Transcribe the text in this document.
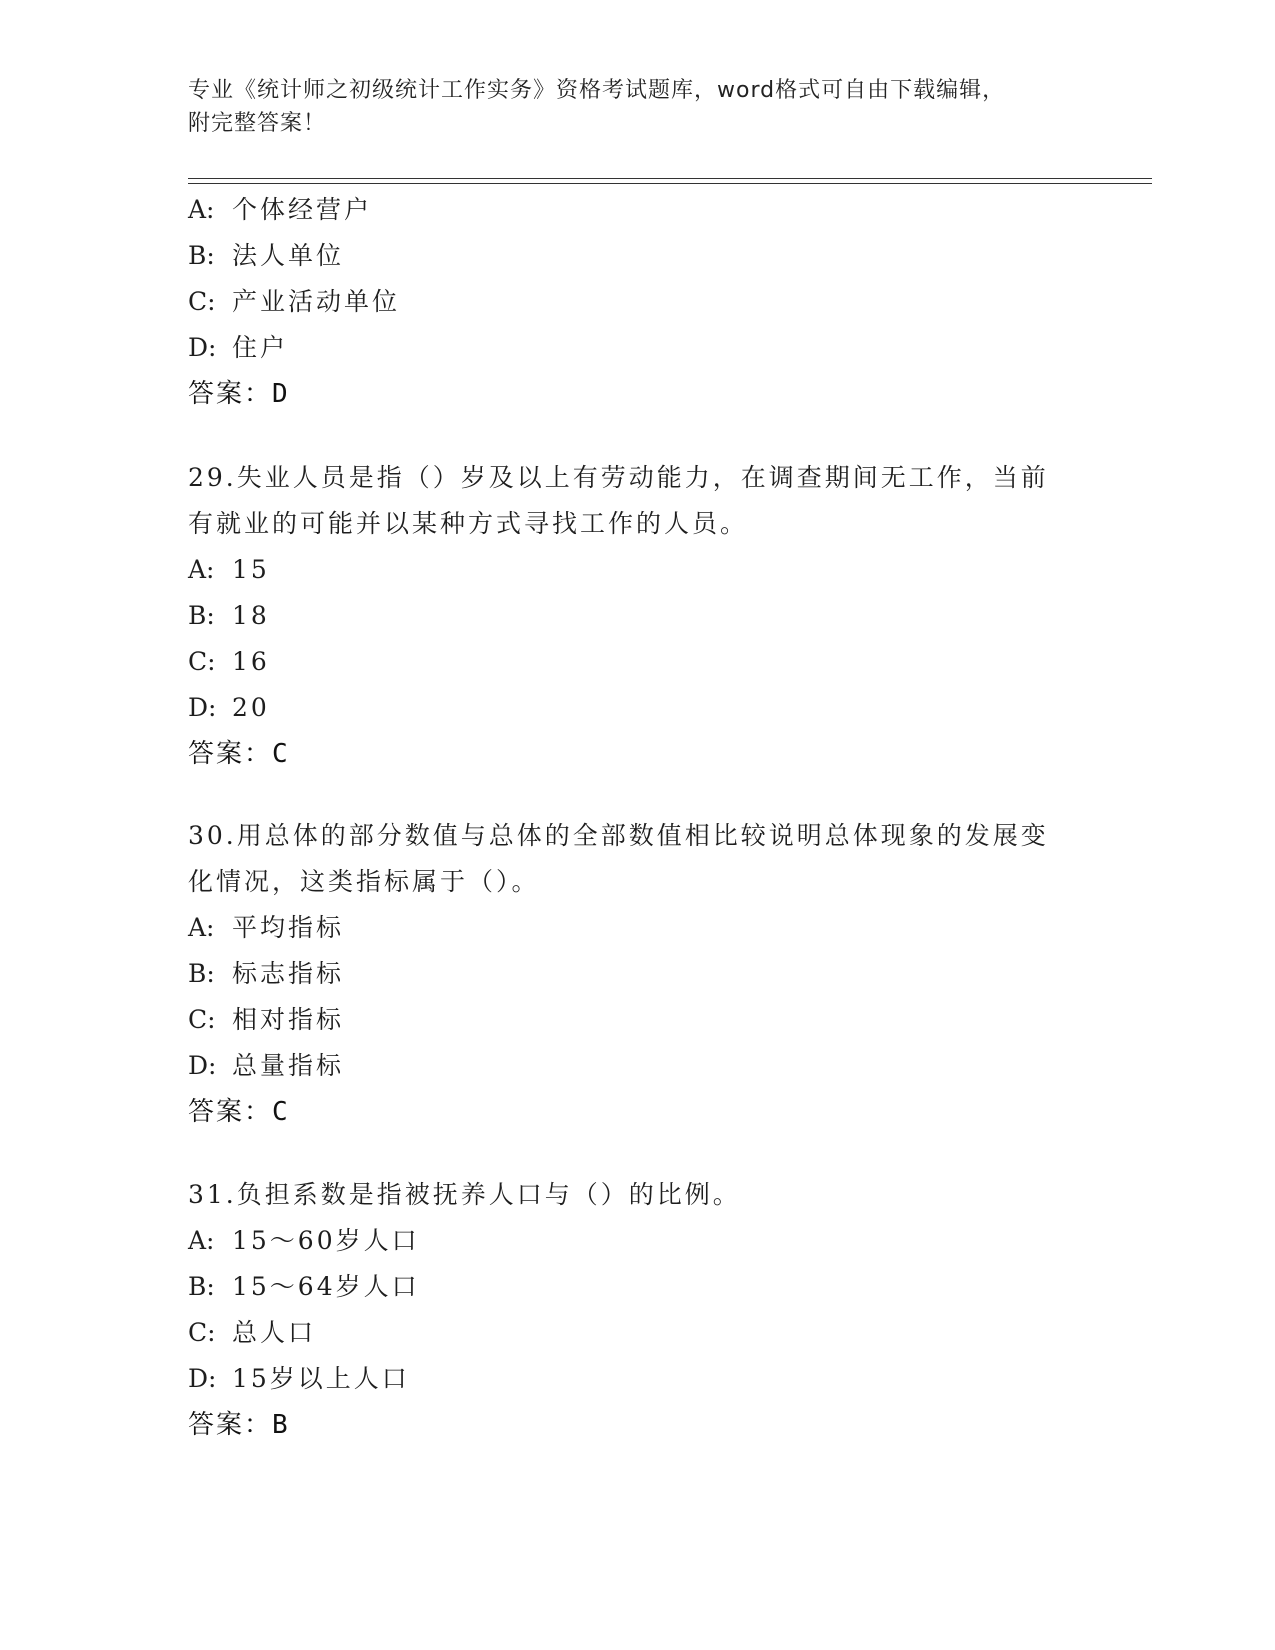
专业《统计师之初级统计工作实务》资格考试题库，word格式可自由下载编辑，
附完整答案！
A: 个体经营户
B: 法人单位
C: 产业活动单位
D: 住户
答案：D
29.失业人员是指（）岁及以上有劳动能力，在调查期间无工作，当前
有就业的可能并以某种方式寻找工作的人员。
A: 15
B: 18
C: 16
D: 20
答案：C
30.用总体的部分数值与总体的全部数值相比较说明总体现象的发展变
化情况，这类指标属于（）。
A: 平均指标
B: 标志指标
C: 相对指标
D: 总量指标
答案：C
31.负担系数是指被抚养人口与（）的比例。
A: 15～60岁人口
B: 15～64岁人口
C: 总人口
D: 15岁以上人口
答案：B
